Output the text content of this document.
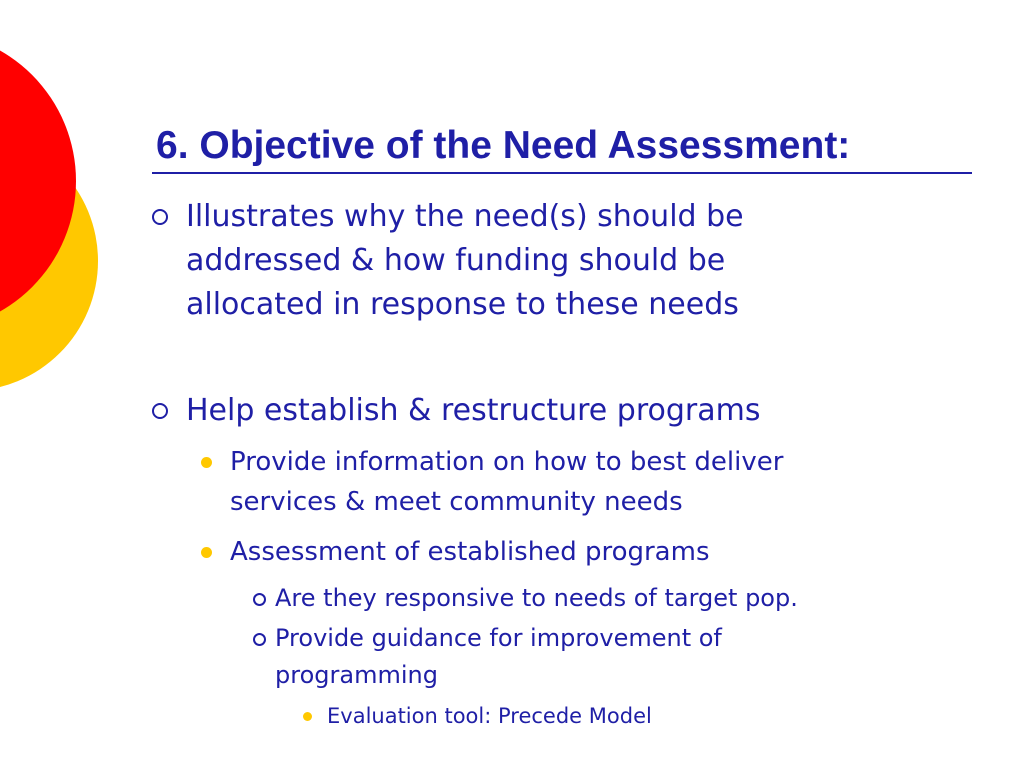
6. Objective of the Need Assessment:

Illustrates why the need(s) should be

addressed & how funding should be

allocated in response to these needs

Help establish & restructure programs

Provide information on how to best deliver

services & meet community needs

Assessment of established programs

Are they responsive to needs of target pop.

Provide guidance for improvement of

programming

Evaluation tool: Precede Model
